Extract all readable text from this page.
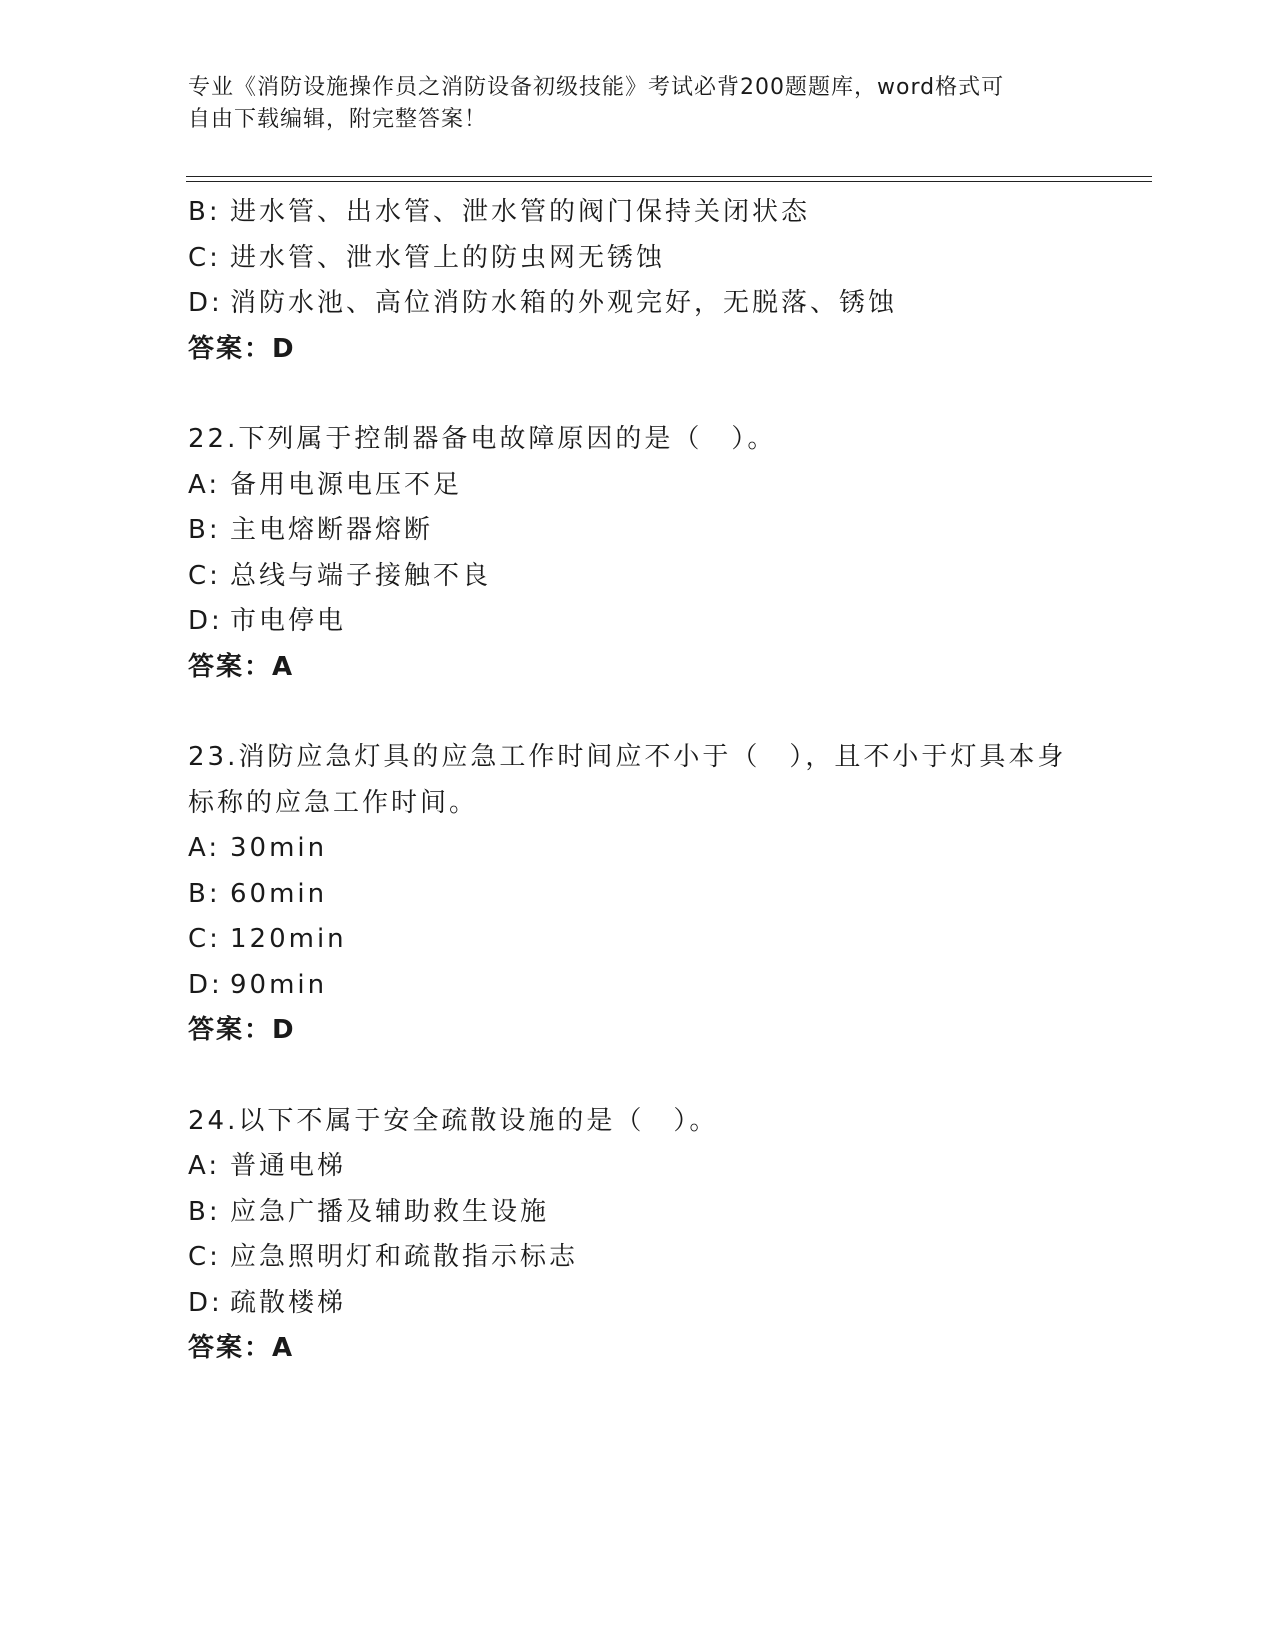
专业《消防设施操作员之消防设备初级技能》考试必背200题题库，word格式可
自由下载编辑，附完整答案！
B: 进水管、出水管、泄水管的阀门保持关闭状态
C: 进水管、泄水管上的防虫网无锈蚀
D: 消防水池、高位消防水箱的外观完好，无脱落、锈蚀
答案：D
22.下列属于控制器备电故障原因的是（　）。
A: 备用电源电压不足
B: 主电熔断器熔断
C: 总线与端子接触不良
D: 市电停电
答案：A
23.消防应急灯具的应急工作时间应不小于（　），且不小于灯具本身
标称的应急工作时间。
A: 30min
B: 60min
C: 120min
D: 90min
答案：D
24.以下不属于安全疏散设施的是（　）。
A: 普通电梯
B: 应急广播及辅助救生设施
C: 应急照明灯和疏散指示标志
D: 疏散楼梯
答案：A
